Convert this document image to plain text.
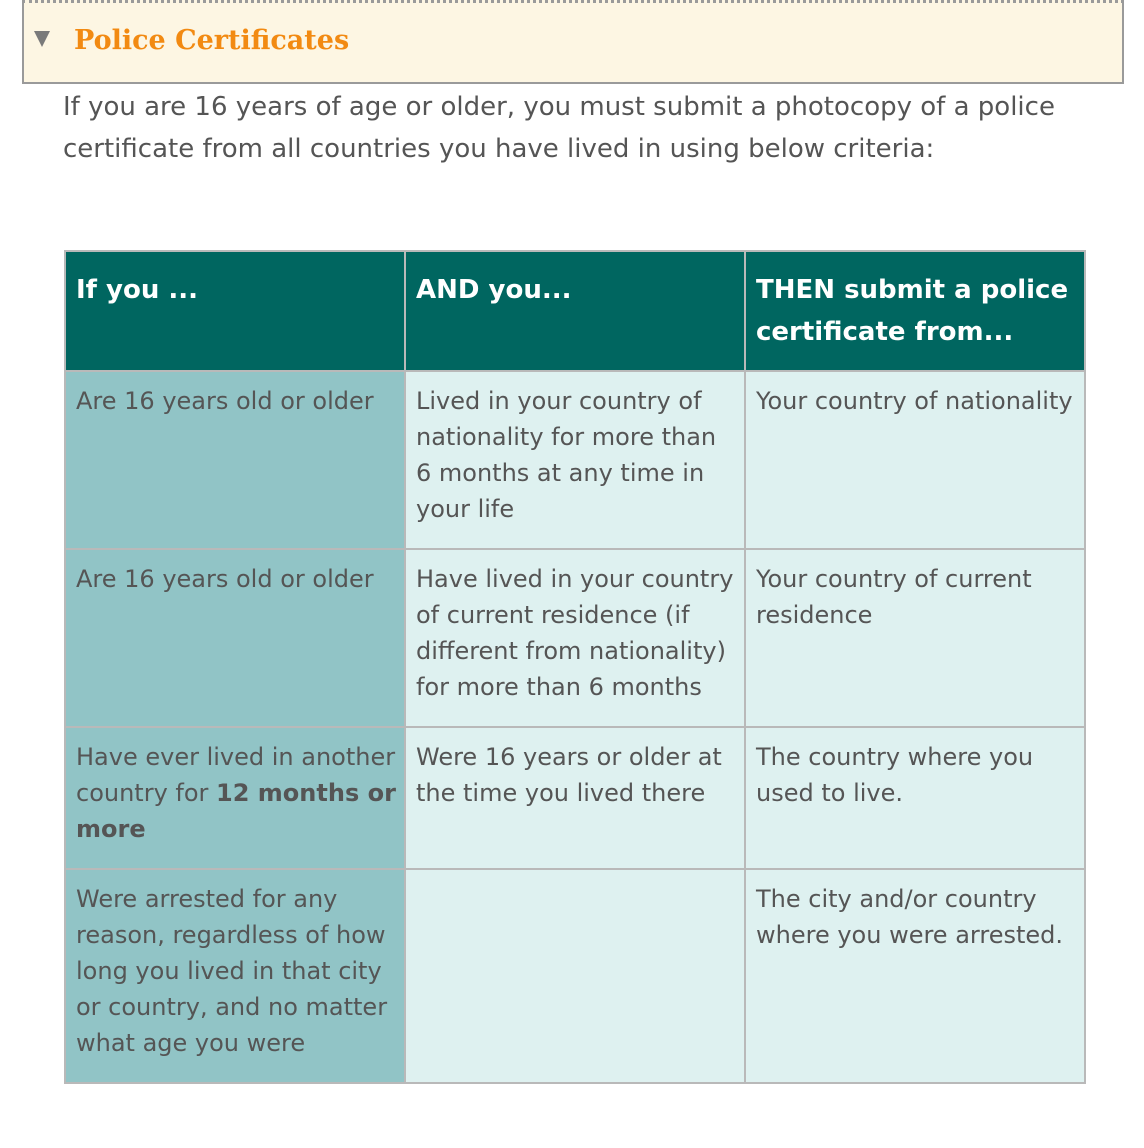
Police Certificates

If you are 16 years of age or older, you must submit a photocopy of a police certificate from all countries you have lived in using below criteria:

If you ...	AND you...	THEN submit a police certificate from...
Are 16 years old or older	Lived in your country of nationality for more than 6 months at any time in your life	Your country of nationality
Are 16 years old or older	Have lived in your country of current residence (if different from nationality) for more than 6 months	Your country of current residence
Have ever lived in another country for 12 months or more	Were 16 years or older at the time you lived there	The country where you used to live.
Were arrested for any reason, regardless of how long you lived in that city or country, and no matter what age you were		The city and/or country where you were arrested.
